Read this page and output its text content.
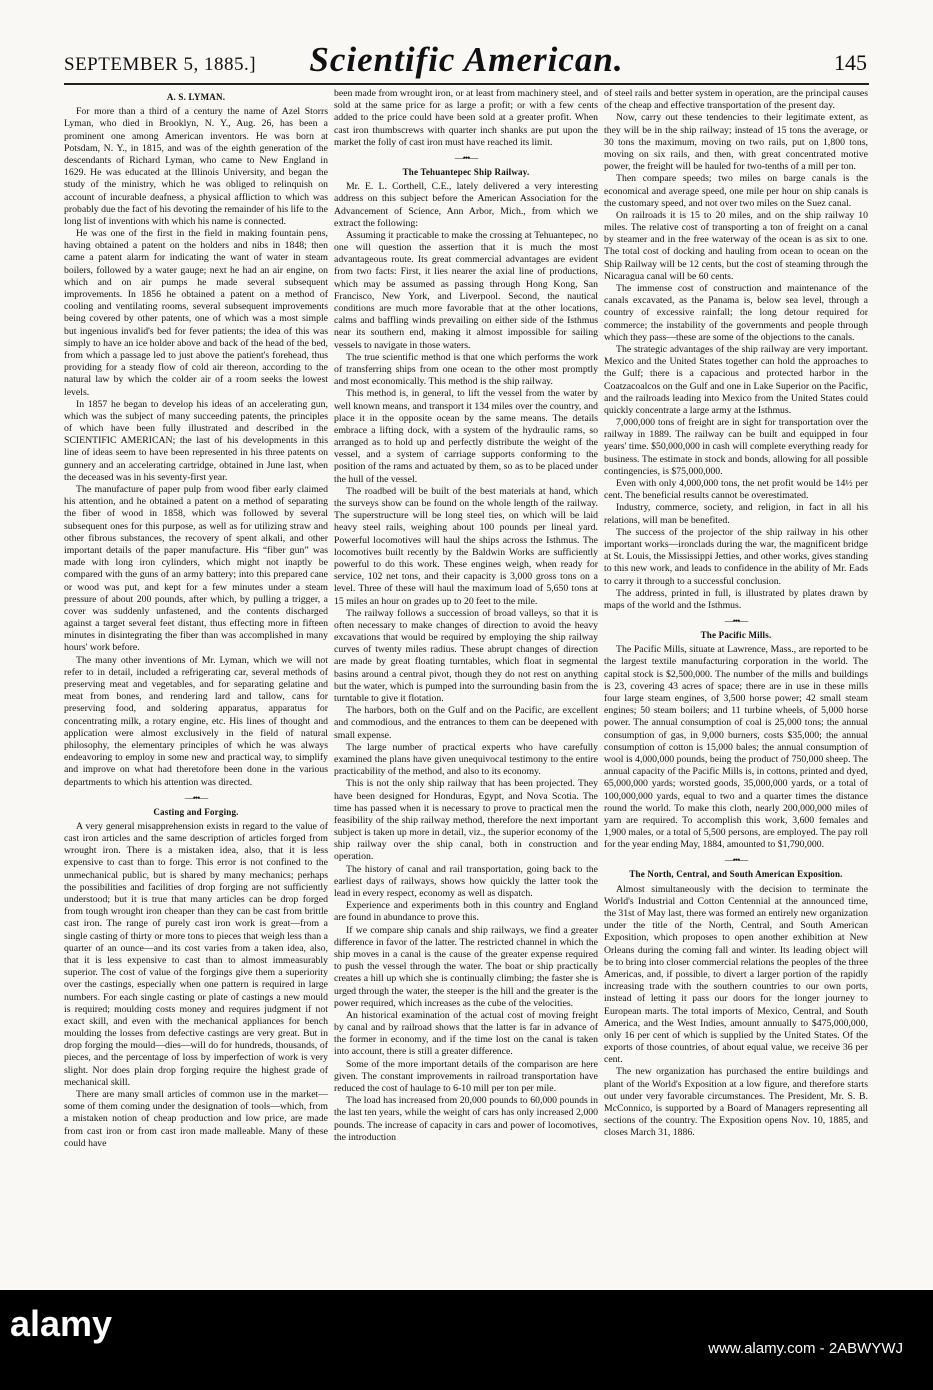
SEPTEMBER 5, 1885.]	Scientific American.	145
A. S. LYMAN.

For more than a third of a century the name of Azel Storrs Lyman, who died in Brooklyn, N. Y., Aug. 26, has been a prominent one among American inventors. He was born at Potsdam, N. Y., in 1815, and was of the eighth generation of the descendants of Richard Lyman, who came to New England in 1629. He was educated at the Illinois University, and began the study of the ministry, which he was obliged to relinquish on account of incurable deafness, a physical affliction to which was probably due the fact of his devoting the remainder of his life to the long list of inventions with which his name is connected.

He was one of the first in the field in making fountain pens, having obtained a patent on the holders and nibs in 1848; then came a patent alarm for indicating the want of water in steam boilers, followed by a water gauge; next he had an air engine, on which and on air pumps he made several subsequent improvements. In 1856 he obtained a patent on a method of cooling and ventilating rooms, several subsequent improvements being covered by other patents, one of which was a most simple but ingenious invalid's bed for fever patients; the idea of this was simply to have an ice holder above and back of the head of the bed, from which a passage led to just above the patient's forehead, thus providing for a steady flow of cold air thereon, according to the natural law by which the colder air of a room seeks the lowest levels.

In 1857 he began to develop his ideas of an accelerating gun, which was the subject of many succeeding patents, the principles of which have been fully illustrated and described in the SCIENTIFIC AMERICAN; the last of his developments in this line of ideas seem to have been represented in his three patents on gunnery and an accelerating cartridge, obtained in June last, when the deceased was in his seventy-first year.

The manufacture of paper pulp from wood fiber early claimed his attention, and he obtained a patent on a method of separating the fiber of wood in 1858, which was followed by several subsequent ones for this purpose, as well as for utilizing straw and other fibrous substances, the recovery of spent alkali, and other important details of the paper manufacture. His “fiber gun” was made with long iron cylinders, which might not inaptly be compared with the guns of an army battery; into this prepared cane or wood was put, and kept for a few minutes under a steam pressure of about 200 pounds, after which, by pulling a trigger, a cover was suddenly unfastened, and the contents discharged against a target several feet distant, thus effecting more in fifteen minutes in disintegrating the fiber than was accomplished in many hours' work before.

The many other inventions of Mr. Lyman, which we will not refer to in detail, included a refrigerating car, several methods of preserving meat and vegetables, and for separating gelatine and meat from bones, and rendering lard and tallow, cans for preserving food, and soldering apparatus, apparatus for concentrating milk, a rotary engine, etc. His lines of thought and application were almost exclusively in the field of natural philosophy, the elementary principles of which he was always endeavoring to employ in some new and practical way, to simplify and improve on what had theretofore been done in the various departments to which his attention was directed.

—•••—
Casting and Forging.

A very general misapprehension exists in regard to the value of cast iron articles and the same description of articles forged from wrought iron. There is a mistaken idea, also, that it is less expensive to cast than to forge. This error is not confined to the unmechanical public, but is shared by many mechanics; perhaps the possibilities and facilities of drop forging are not sufficiently understood; but it is true that many articles can be drop forged from tough wrought iron cheaper than they can be cast from brittle cast iron. The range of purely cast iron work is great—from a single casting of thirty or more tons to pieces that weigh less than a quarter of an ounce—and its cost varies from a taken idea, also, that it is less expensive to cast than to almost immeasurably superior. The cost of value of the forgings give them a superiority over the castings, especially when one pattern is required in large numbers. For each single casting or plate of castings a new mould is required; moulding costs money and requires judgment if not exact skill, and even with the mechanical appliances for bench moulding the losses from defective castings are very great. But in drop forging the mould—dies—will do for hundreds, thousands, of pieces, and the percentage of loss by imperfection of work is very slight. Nor does plain drop forging require the highest grade of mechanical skill.

There are many small articles of common use in the market—some of them coming under the designation of tools—which, from a mistaken notion of cheap production and low price, are made from cast iron or from cast iron made malleable. Many of these could have

been made from wrought iron, or at least from machinery steel, and sold at the same price for as large a profit; or with a few cents added to the price could have been sold at a greater profit. When cast iron thumbscrews with quarter inch shanks are put upon the market the folly of cast iron must have reached its limit.

—•••—
The Tehuantepec Ship Railway.

Mr. E. L. Corthell, C.E., lately delivered a very interesting address on this subject before the American Association for the Advancement of Science, Ann Arbor, Mich., from which we extract the following:

Assuming it practicable to make the crossing at Tehuantepec, no one will question the assertion that it is much the most advantageous route. Its great commercial advantages are evident from two facts: First, it lies nearer the axial line of productions, which may be assumed as passing through Hong Kong, San Francisco, New York, and Liverpool. Second, the nautical conditions are much more favorable that at the other locations, calms and baffling winds prevailing on either side of the Isthmus near its southern end, making it almost impossible for sailing vessels to navigate in those waters.

The true scientific method is that one which performs the work of transferring ships from one ocean to the other most promptly and most economically. This method is the ship railway.

This method is, in general, to lift the vessel from the water by well known means, and transport it 134 miles over the country, and place it in the opposite ocean by the same means. The details embrace a lifting dock, with a system of the hydraulic rams, so arranged as to hold up and perfectly distribute the weight of the vessel, and a system of carriage supports conforming to the position of the rams and actuated by them, so as to be placed under the hull of the vessel.

The roadbed will be built of the best materials at hand, which the surveys show can be found on the whole length of the railway. The superstructure will be long steel ties, on which will be laid heavy steel rails, weighing about 100 pounds per lineal yard. Powerful locomotives will haul the ships across the Isthmus. The locomotives built recently by the Baldwin Works are sufficiently powerful to do this work. These engines weigh, when ready for service, 102 net tons, and their capacity is 3,000 gross tons on a level. Three of these will haul the maximum load of 5,650 tons at 15 miles an hour on grades up to 20 feet to the mile.

The railway follows a succession of broad valleys, so that it is often necessary to make changes of direction to avoid the heavy excavations that would be required by employing the ship railway curves of twenty miles radius. These abrupt changes of direction are made by great floating turntables, which float in segmental basins around a central pivot, though they do not rest on anything but the water, which is pumped into the surrounding basin from the turntable to give it flotation.

The harbors, both on the Gulf and on the Pacific, are excellent and commodious, and the entrances to them can be deepened with small expense.

The large number of practical experts who have carefully examined the plans have given unequivocal testimony to the entire practicability of the method, and also to its economy.

This is not the only ship railway that has been projected. They have been designed for Honduras, Egypt, and Nova Scotia. The time has passed when it is necessary to prove to practical men the feasibility of the ship railway method, therefore the next important subject is taken up more in detail, viz., the superior economy of the ship railway over the ship canal, both in construction and operation.

The history of canal and rail transportation, going back to the earliest days of railways, shows how quickly the latter took the lead in every respect, economy as well as dispatch.

Experience and experiments both in this country and England are found in abundance to prove this.

If we compare ship canals and ship railways, we find a greater difference in favor of the latter. The restricted channel in which the ship moves in a canal is the cause of the greater expense required to push the vessel through the water. The boat or ship practically creates a hill up which she is continually climbing; the faster she is urged through the water, the steeper is the hill and the greater is the power required, which increases as the cube of the velocities.

An historical examination of the actual cost of moving freight by canal and by railroad shows that the latter is far in advance of the former in economy, and if the time lost on the canal is taken into account, there is still a greater difference.

Some of the more important details of the comparison are here given. The constant improvements in railroad transportation have reduced the cost of haulage to 6-10 mill per ton per mile.

The load has increased from 20,000 pounds to 60,000 pounds in the last ten years, while the weight of cars has only increased 2,000 pounds. The increase of capacity in cars and power of locomotives, the introduction

of steel rails and better system in operation, are the principal causes of the cheap and effective transportation of the present day.

Now, carry out these tendencies to their legitimate extent, as they will be in the ship railway; instead of 15 tons the average, or 30 tons the maximum, moving on two rails, put on 1,800 tons, moving on six rails, and then, with great concentrated motive power, the freight will be hauled for two-tenths of a mill per ton.

Then compare speeds; two miles on barge canals is the economical and average speed, one mile per hour on ship canals is the customary speed, and not over two miles on the Suez canal.

On railroads it is 15 to 20 miles, and on the ship railway 10 miles. The relative cost of transporting a ton of freight on a canal by steamer and in the free waterway of the ocean is as six to one. The total cost of docking and hauling from ocean to ocean on the Ship Railway will be 12 cents, but the cost of steaming through the Nicaragua canal will be 60 cents.

The immense cost of construction and maintenance of the canals excavated, as the Panama is, below sea level, through a country of excessive rainfall; the long detour required for commerce; the instability of the governments and people through which they pass—these are some of the objections to the canals.

The strategic advantages of the ship railway are very important. Mexico and the United States together can hold the approaches to the Gulf; there is a capacious and protected harbor in the Coatzacoalcos on the Gulf and one in Lake Superior on the Pacific, and the railroads leading into Mexico from the United States could quickly concentrate a large army at the Isthmus.

7,000,000 tons of freight are in sight for transportation over the railway in 1889. The railway can be built and equipped in four years' time. $50,000,000 in cash will complete everything ready for business. The estimate in stock and bonds, allowing for all possible contingencies, is $75,000,000.

Even with only 4,000,000 tons, the net profit would be 14½ per cent. The beneficial results cannot be overestimated.

Industry, commerce, society, and religion, in fact in all his relations, will man be benefited.

The success of the projector of the ship railway in his other important works—ironclads during the war, the magnificent bridge at St. Louis, the Mississippi Jetties, and other works, gives standing to this new work, and leads to confidence in the ability of Mr. Eads to carry it through to a successful conclusion.

The address, printed in full, is illustrated by plates drawn by maps of the world and the Isthmus.

—•••—
The Pacific Mills.

The Pacific Mills, situate at Lawrence, Mass., are reported to be the largest textile manufacturing corporation in the world. The capital stock is $2,500,000. The number of the mills and buildings is 23, covering 43 acres of space; there are in use in these mills four large steam engines, of 3,500 horse power; 42 small steam engines; 50 steam boilers; and 11 turbine wheels, of 5,000 horse power. The annual consumption of coal is 25,000 tons; the annual consumption of gas, in 9,000 burners, costs $35,000; the annual consumption of cotton is 15,000 bales; the annual consumption of wool is 4,000,000 pounds, being the product of 750,000 sheep. The annual capacity of the Pacific Mills is, in cottons, printed and dyed, 65,000,000 yards; worsted goods, 35,000,000 yards, or a total of 100,000,000 yards, equal to two and a quarter times the distance round the world. To make this cloth, nearly 200,000,000 miles of yarn are required. To accomplish this work, 3,600 females and 1,900 males, or a total of 5,500 persons, are employed. The pay roll for the year ending May, 1884, amounted to $1,790,000.

—•••—
The North, Central, and South American Exposition.

Almost simultaneously with the decision to terminate the World's Industrial and Cotton Centennial at the announced time, the 31st of May last, there was formed an entirely new organization under the title of the North, Central, and South American Exposition, which proposes to open another exhibition at New Orleans during the coming fall and winter. Its leading object will be to bring into closer commercial relations the peoples of the three Americas, and, if possible, to divert a larger portion of the rapidly increasing trade with the southern countries to our own ports, instead of letting it pass our doors for the longer journey to European marts. The total imports of Mexico, Central, and South America, and the West Indies, amount annually to $475,000,000, only 16 per cent of which is supplied by the United States. Of the exports of those countries, of about equal value, we receive 36 per cent.

The new organization has purchased the entire buildings and plant of the World's Exposition at a low figure, and therefore starts out under very favorable circumstances. The President, Mr. S. B. McConnico, is supported by a Board of Managers representing all sections of the country. The Exposition opens Nov. 10, 1885, and closes March 31, 1886.

alamy
www.alamy.com - 2ABWYWJ
